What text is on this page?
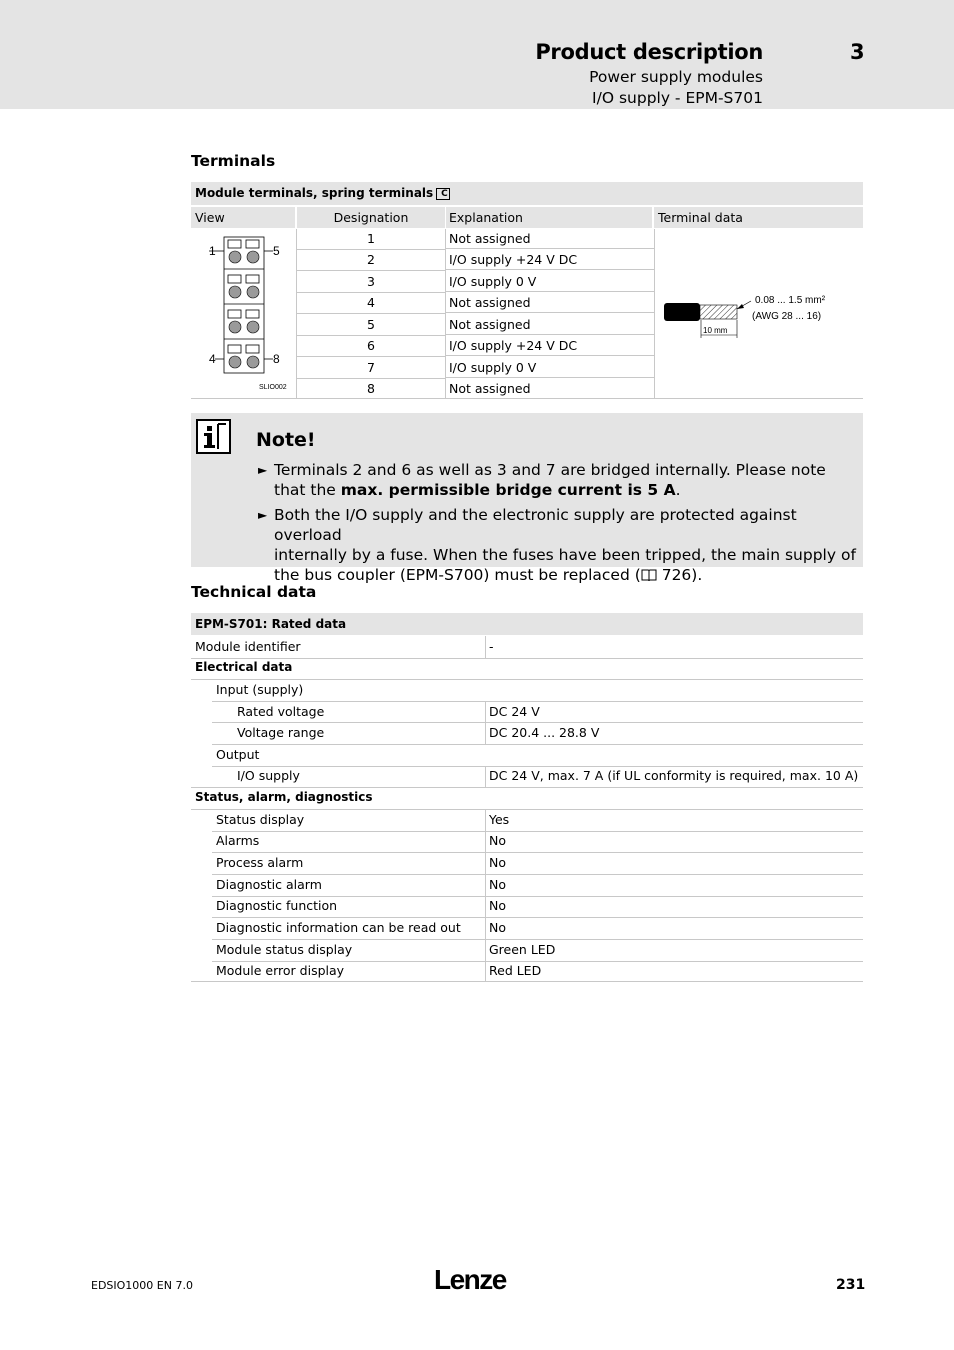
Product description	3
Power supply modules
I/O supply - EPM-S701
Terminals
Module terminals, spring terminals C
View	Designation	Explanation	Terminal data
1	Not assigned
2	I/O supply +24 V DC
3	I/O supply 0 V
4	Not assigned
5	Not assigned
6	I/O supply +24 V DC
7	I/O supply 0 V
8	Not assigned
1	5
4	8
SLIO002
0.08 ... 1.5 mm²
(AWG 28 ... 16)
10 mm
Note!
► Terminals 2 and 6 as well as 3 and 7 are bridged internally. Please note that the max. permissible bridge current is 5 A.
► Both the I/O supply and the electronic supply are protected against overload
internally by a fuse. When the fuses have been tripped, the main supply of
the bus coupler (EPM-S700) must be replaced ( 726).
Technical data
EPM-S701: Rated data
Module identifier	-
Electrical data
Input (supply)
Rated voltage	DC 24 V
Voltage range	DC 20.4 ... 28.8 V
Output
I/O supply	DC 24 V, max. 7 A (if UL conformity is required, max. 10 A)
Status, alarm, diagnostics
Status display	Yes
Alarms	No
Process alarm	No
Diagnostic alarm	No
Diagnostic function	No
Diagnostic information can be read out No
Module status display	Green LED
Module error display	Red LED
EDSIO1000 EN 7.0	Lenze	231
